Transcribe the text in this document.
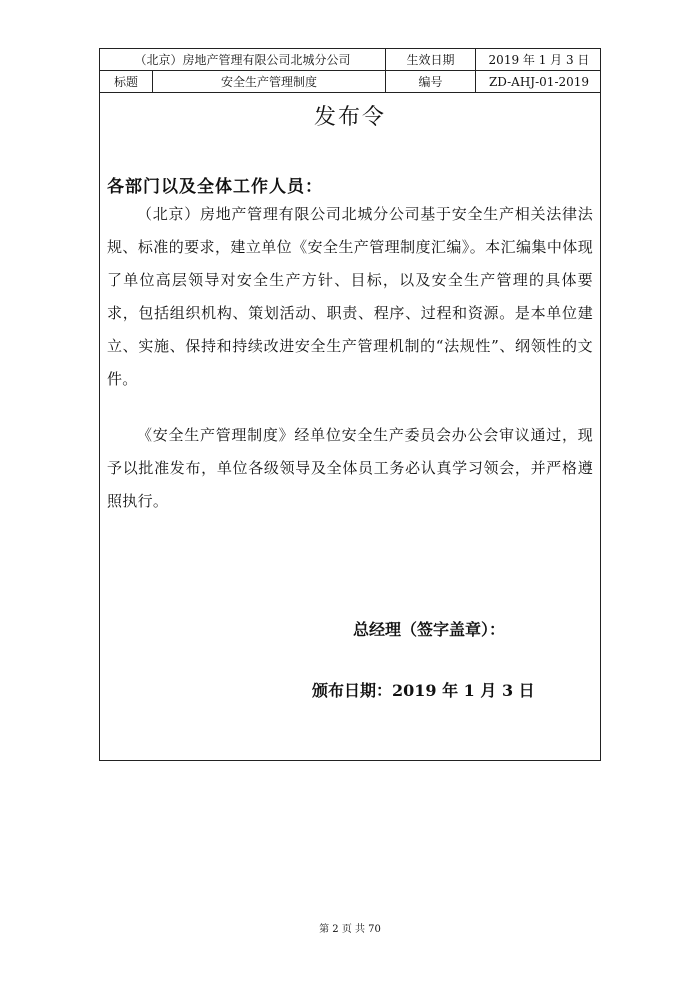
（北京）房地产管理有限公司北城分公司	生效日期	2019 年 1 月 3 日
标题	安全生产管理制度	编号	ZD-AHJ-01-2019
发布令
各部门以及全体工作人员：
（北京）房地产管理有限公司北城分公司基于安全生产相关法律法规、标准的要求，建立单位《安全生产管理制度汇编》。本汇编集中体现了单位高层领导对安全生产方针、目标，以及安全生产管理的具体要求，包括组织机构、策划活动、职责、程序、过程和资源。是本单位建立、实施、保持和持续改进安全生产管理机制的“法规性”、纲领性的文件。
《安全生产管理制度》经单位安全生产委员会办公会审议通过，现予以批准发布，单位各级领导及全体员工务必认真学习领会，并严格遵照执行。
总经理（签字盖章）：
颁布日期：2019 年 1 月 3 日
第 2 页 共 70
